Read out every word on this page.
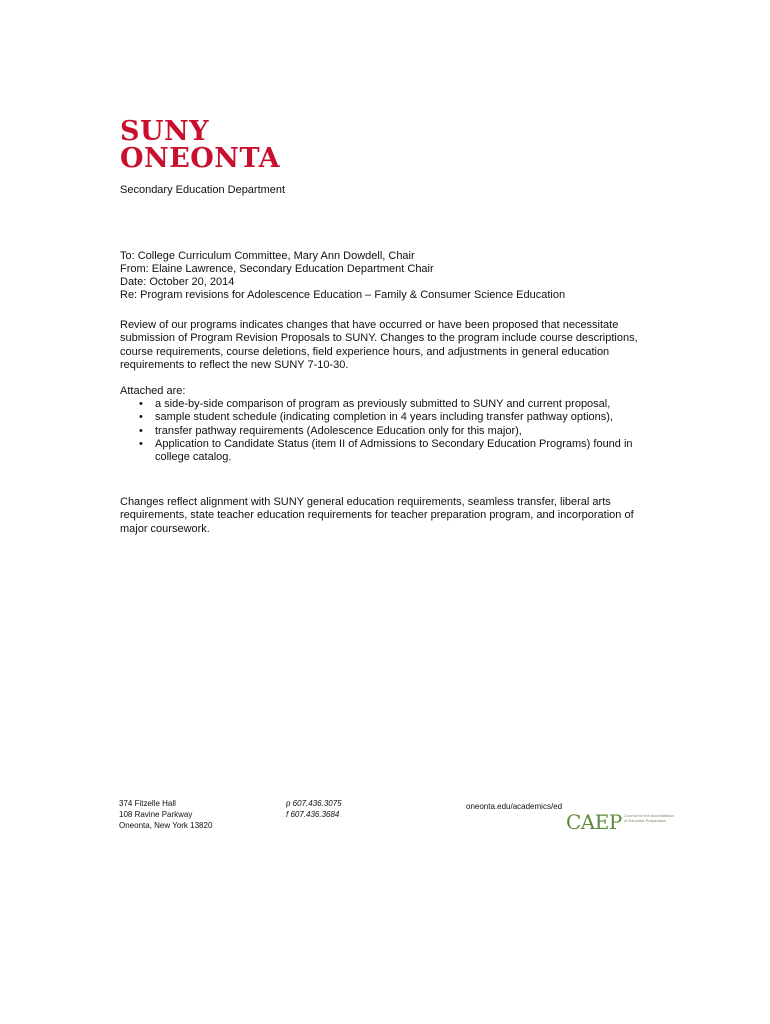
SUNY
ONEONTA
Secondary Education Department
To: College Curriculum Committee, Mary Ann Dowdell, Chair
From: Elaine Lawrence, Secondary Education Department Chair
Date: October 20, 2014
Re: Program revisions for Adolescence Education – Family & Consumer Science Education
Review of our programs indicates changes that have occurred or have been proposed that necessitate submission of Program Revision Proposals to SUNY. Changes to the program include course descriptions, course requirements, course deletions, field experience hours, and adjustments in general education requirements to reflect the new SUNY 7-10-30.
Attached are:
• a side-by-side comparison of program as previously submitted to SUNY and current proposal,
• sample student schedule (indicating completion in 4 years including transfer pathway options),
• transfer pathway requirements (Adolescence Education only for this major),
• Application to Candidate Status (item II of Admissions to Secondary Education Programs) found in college catalog.
Changes reflect alignment with SUNY general education requirements, seamless transfer, liberal arts requirements, state teacher education requirements for teacher preparation program, and incorporation of major coursework.
374 Fitzelle Hall
108 Ravine Parkway
Oneonta, New York 13820
p 607.436.3075
f 607.436.3684
oneonta.edu/academics/ed
CAEP Council for the Accreditation of Educator Preparation
